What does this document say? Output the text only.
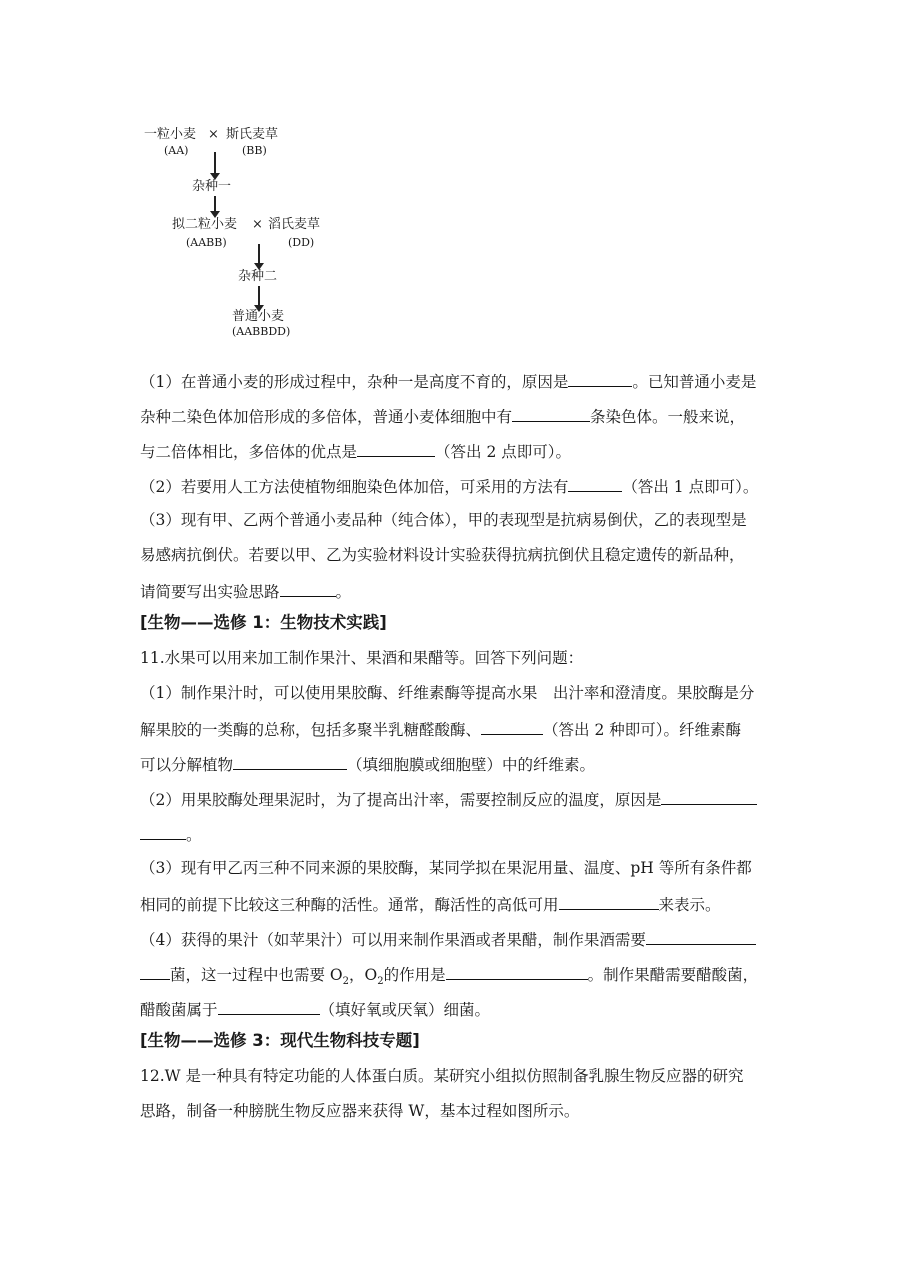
一粒小麦 × 斯氏麦草
(AA)	(BB)
杂种一
拟二粒小麦 × 滔氏麦草
(AABB)	(DD)
杂种二
普通小麦
(AABBDD)
（1）在普通小麦的形成过程中，杂种一是高度不育的，原因是	。已知普通小麦是
杂种二染色体加倍形成的多倍体，普通小麦体细胞中有	条染色体。一般来说，
与二倍体相比，多倍体的优点是	（答出 2 点即可）。
（2）若要用人工方法使植物细胞染色体加倍，可采用的方法有	（答出 1 点即可）。
（3）现有甲、乙两个普通小麦品种（纯合体），甲的表现型是抗病易倒伏，乙的表现型是
易感病抗倒伏。若要以甲、乙为实验材料设计实验获得抗病抗倒伏且稳定遗传的新品种，
请简要写出实验思路	。
[生物——选修 1：生物技术实践]
11.水果可以用来加工制作果汁、果酒和果醋等。回答下列问题：
（1）制作果汁时，可以使用果胶酶、纤维素酶等提高水果　出汁率和澄清度。果胶酶是分
解果胶的一类酶的总称，包括多聚半乳糖醛酸酶、	（答出 2 种即可）。纤维素酶
可以分解植物	（填细胞膜或细胞壁）中的纤维素。
（2）用果胶酶处理果泥时，为了提高出汁率，需要控制反应的温度，原因是
。
（3）现有甲乙丙三种不同来源的果胶酶，某同学拟在果泥用量、温度、pH 等所有条件都
相同的前提下比较这三种酶的活性。通常，酶活性的高低可用	来表示。
（4）获得的果汁（如苹果汁）可以用来制作果酒或者果醋，制作果酒需要
菌，这一过程中也需要 $O_2$，$O_2$的作用是	。制作果醋需要醋酸菌，
醋酸菌属于	（填好氧或厌氧）细菌。
[生物——选修 3：现代生物科技专题]
12.W 是一种具有特定功能的人体蛋白质。某研究小组拟仿照制备乳腺生物反应器的研究
思路，制备一种膀胱生物反应器来获得 W，基本过程如图所示。
